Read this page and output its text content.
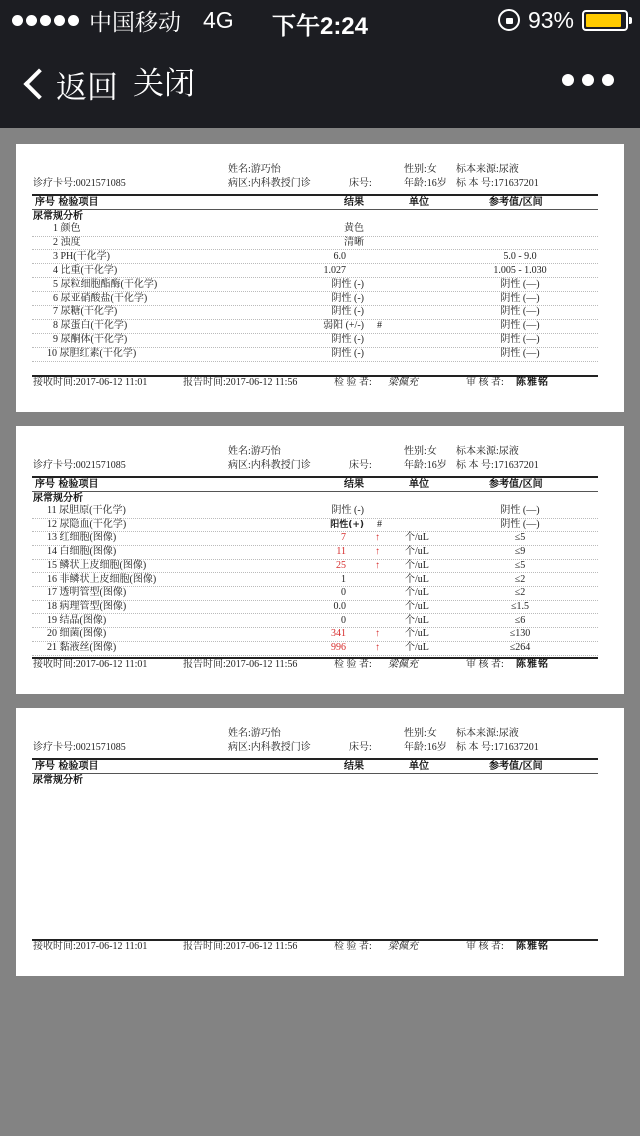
中国移动 4G	下午2:24	93%
返回 关闭
姓名:游巧怡	性别:女 标本来源:尿液
诊疗卡号:0021571085	病区:内科教授门诊	床号:	年龄:16岁 标 本 号:171637201
序号 检验项目	结果	单位	参考值/区间
尿常规分析
1 颜色	黄色
2 浊度	清晰
3 PH(干化学)	6.0	5.0 - 9.0
4 比重(干化学)	1.027	1.005 - 1.030
5 尿粒细胞酯酶(干化学)	阴性 (-)	阴性 (—)
6 尿亚硝酸盐(干化学)	阴性 (-)	阴性 (—)
7 尿糖(干化学)	阴性 (-)	阴性 (—)
8 尿蛋白(干化学)	弱阳 (+/-) #	阴性 (—)
9 尿酮体(干化学)	阴性 (-)	阴性 (—)
10 尿胆红素(干化学)	阴性 (-)	阴性 (—)
接收时间:2017-06-12 11:01	报告时间:2017-06-12 11:56	检 验 者: 梁佩充	审 核 者: 陈雅铭
姓名:游巧怡	性别:女 标本来源:尿液
诊疗卡号:0021571085	病区:内科教授门诊	床号:	年龄:16岁 标 本 号:171637201
序号 检验项目	结果	单位	参考值/区间
尿常规分析
11 尿胆原(干化学)	阴性 (-)	阴性 (—)
12 尿隐血(干化学)	阳性(+) #	阴性 (—)
13 红细胞(图像)	7	↑	个/uL	≤5
14 白细胞(图像)	11	↑	个/uL	≤9
15 鳞状上皮细胞(图像)	25	↑	个/uL	≤5
16 非鳞状上皮细胞(图像)	1	个/uL	≤2
17 透明管型(图像)	0	个/uL	≤2
18 病理管型(图像)	0.0	个/uL	≤1.5
19 结晶(图像)	0	个/uL	≤6
20 细菌(图像)	341	↑	个/uL	≤130
21 黏液丝(图像)	996	↑	个/uL	≤264
接收时间:2017-06-12 11:01	报告时间:2017-06-12 11:56	检 验 者: 梁佩充	审 核 者: 陈雅铭
姓名:游巧怡	性别:女 标本来源:尿液
诊疗卡号:0021571085	病区:内科教授门诊	床号:	年龄:16岁 标 本 号:171637201
序号 检验项目	结果	单位	参考值/区间
尿常规分析
接收时间:2017-06-12 11:01	报告时间:2017-06-12 11:56	检 验 者: 梁佩充	审 核 者: 陈雅铭
